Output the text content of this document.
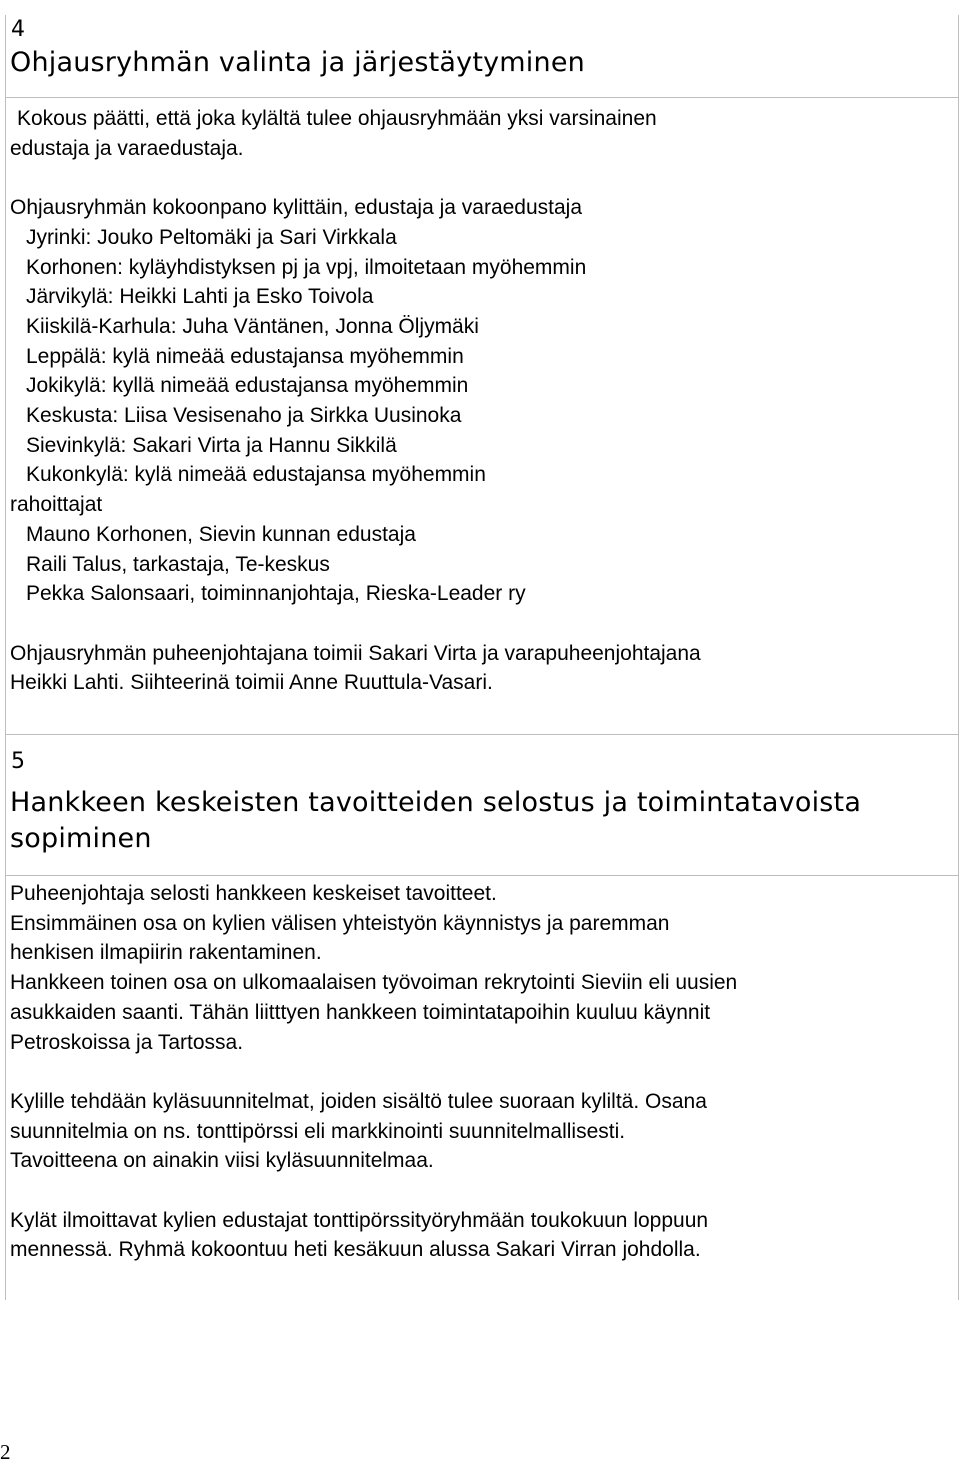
4
Ohjausryhmän valinta ja järjestäytyminen
Kokous päätti, että joka kylältä tulee ohjausryhmään yksi varsinainen
edustaja ja varaedustaja.
Ohjausryhmän kokoonpano kylittäin, edustaja ja varaedustaja
Jyrinki: Jouko Peltomäki ja Sari Virkkala
Korhonen: kyläyhdistyksen pj ja vpj, ilmoitetaan myöhemmin
Järvikylä: Heikki Lahti ja Esko Toivola
Kiiskilä-Karhula: Juha Väntänen, Jonna Öljymäki
Leppälä: kylä nimeää edustajansa myöhemmin
Jokikylä: kyllä nimeää edustajansa myöhemmin
Keskusta: Liisa Vesisenaho ja Sirkka Uusinoka
Sievinkylä: Sakari Virta ja Hannu Sikkilä
Kukonkylä: kylä nimeää edustajansa myöhemmin
rahoittajat
Mauno Korhonen, Sievin kunnan edustaja
Raili Talus, tarkastaja, Te-keskus
Pekka Salonsaari, toiminnanjohtaja, Rieska-Leader ry
Ohjausryhmän puheenjohtajana toimii Sakari Virta ja varapuheenjohtajana
Heikki Lahti. Siihteerinä toimii Anne Ruuttula-Vasari.
5
Hankkeen keskeisten tavoitteiden selostus ja toimintatavoista
sopiminen
Puheenjohtaja selosti hankkeen keskeiset tavoitteet.
Ensimmäinen osa on kylien välisen yhteistyön käynnistys ja paremman
henkisen ilmapiirin rakentaminen.
Hankkeen toinen osa on ulkomaalaisen työvoiman rekrytointi Sieviin eli uusien
asukkaiden saanti. Tähän liitttyen hankkeen toimintatapoihin kuuluu käynnit
Petroskoissa ja Tartossa.
Kylille tehdään kyläsuunnitelmat, joiden sisältö tulee suoraan kyliltä. Osana
suunnitelmia on ns. tonttipörssi eli markkinointi suunnitelmallisesti.
Tavoitteena on ainakin viisi kyläsuunnitelmaa.
Kylät ilmoittavat kylien edustajat tonttipörssityöryhmään toukokuun loppuun
mennessä. Ryhmä kokoontuu heti kesäkuun alussa Sakari Virran johdolla.
2
